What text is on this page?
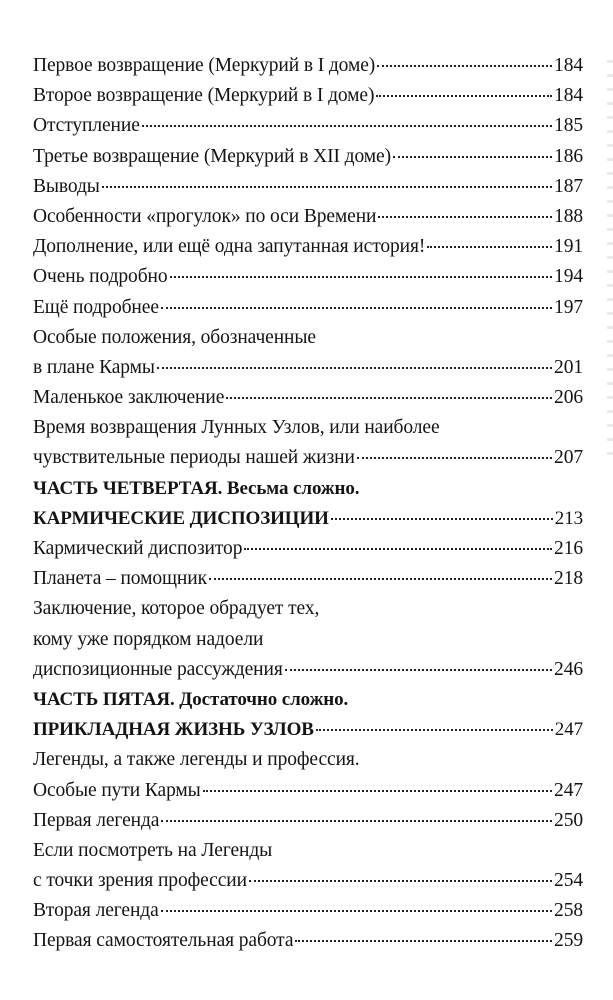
Первое возвращение (Меркурий в I доме)	184
Второе возвращение (Меркурий в I доме)	184
Отступление	185
Третье возвращение (Меркурий в XII доме)	186
Выводы	187
Особенности «прогулок» по оси Времени	188
Дополнение, или ещё одна запутанная история!	191
Очень подробно	194
Ещё подробнее	197
Особые положения, обозначенные
в плане Кармы	201
Маленькое заключение	206
Время возвращения Лунных Узлов, или наиболее
чувствительные периоды нашей жизни	207
ЧАСТЬ ЧЕТВЕРТАЯ. Весьма сложно.
КАРМИЧЕСКИЕ ДИСПОЗИЦИИ	213
Кармический диспозитор	216
Планета – помощник	218
Заключение, которое обрадует тех,
кому уже порядком надоели
диспозиционные рассуждения	246
ЧАСТЬ ПЯТАЯ. Достаточно сложно.
ПРИКЛАДНАЯ ЖИЗНЬ УЗЛОВ	247
Легенды, а также легенды и профессия.
Особые пути Кармы	247
Первая легенда	250
Если посмотреть на Легенды
с точки зрения профессии	254
Вторая легенда	258
Первая самостоятельная работа	259
